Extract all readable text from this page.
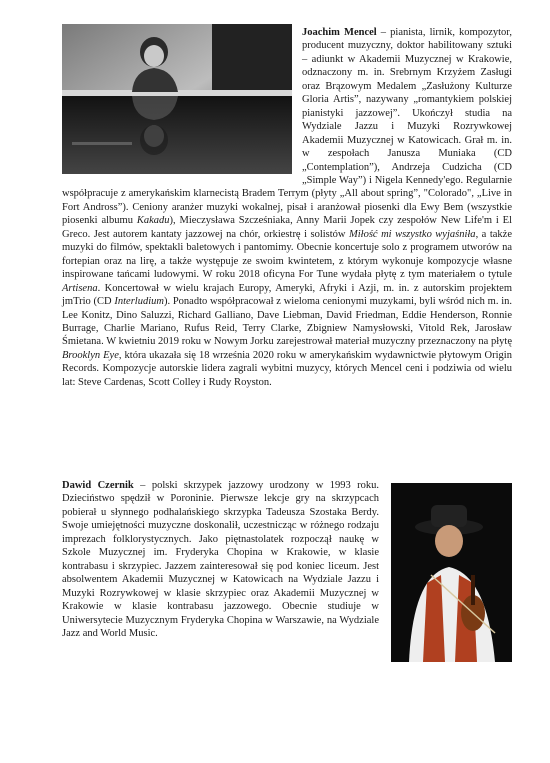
Joachim Mencel – pianista, lirnik, kompozytor, producent muzyczny, doktor habilitowany sztuki – adiunkt w Akademii Muzycznej w Krakowie, odznaczony m. in. Srebrnym Krzyżem Zasługi oraz Brązowym Medalem „Zasłużony Kulturze Gloria Artis”, nazywany „romantykiem polskiej pianistyki jazzowej”. Ukończył studia na Wydziale Jazzu i Muzyki Rozrywkowej Akademii Muzycznej w Katowicach. Grał m. in. w zespołach Janusza Muniaka (CD „Contemplation”), Andrzeja Cudzicha (CD „Simple Way”) i Nigela Kennedy'ego. Regularnie współpracuje z amerykańskim klarnecistą Bradem Terrym (płyty „All about spring”, "Colorado", „Live in Fort Andross”). Ceniony aranżer muzyki wokalnej, pisał i aranżował piosenki dla Ewy Bem (wszystkie piosenki albumu Kakadu), Mieczysława Szcześniaka, Anny Marii Jopek czy zespołów New Life'm i El Greco. Jest autorem kantaty jazzowej na chór, orkiestrę i solistów Miłość mi wszystko wyjaśniła, a także muzyki do filmów, spektakli baletowych i pantomimy. Obecnie koncertuje solo z programem utworów na fortepian oraz na lirę, a także występuje ze swoim kwintetem, z którym wykonuje kompozycje własne inspirowane tańcami ludowymi. W roku 2018 oficyna For Tune wydała płytę z tym materiałem o tytule Artisena. Koncertował w wielu krajach Europy, Ameryki, Afryki i Azji, m. in. z autorskim projektem jmTrio (CD Interludium). Ponadto współpracował z wieloma cenionymi muzykami, byli wśród nich m. in. Lee Konitz, Dino Saluzzi, Richard Galliano, Dave Liebman, David Friedman, Eddie Henderson, Ronnie Burrage, Charlie Mariano, Rufus Reid, Terry Clarke, Zbigniew Namysłowski, Vitold Rek, Jarosław Śmietana. W kwietniu 2019 roku w Nowym Jorku zarejestrował materiał muzyczny przeznaczony na płytę Brooklyn Eye, która ukazała się 18 września 2020 roku w amerykańskim wydawnictwie płytowym Origin Records. Kompozycje autorskie lidera zagrali wybitni muzycy, których Mencel ceni i podziwia od wielu lat: Steve Cardenas, Scott Colley i Rudy Royston.
Dawid Czernik – polski skrzypek jazzowy urodzony w 1993 roku. Dzieciństwo spędził w Poroninie. Pierwsze lekcje gry na skrzypcach pobierał u słynnego podhalańskiego skrzypka Tadeusza Szostaka Berdy. Swoje umiejętności muzyczne doskonalił, uczestnicząc w różnego rodzaju imprezach folklorystycznych. Jako piętnastolatek rozpoczął naukę w Szkole Muzycznej im. Fryderyka Chopina w Krakowie, w klasie kontrabasu i skrzypiec. Jazzem zainteresował się pod koniec liceum. Jest absolwentem Akademii Muzycznej w Katowicach na Wydziale Jazzu i Muzyki Rozrywkowej w klasie skrzypiec oraz Akademii Muzycznej w Krakowie w klasie kontrabasu jazzowego. Obecnie studiuje w Uniwersytecie Muzycznym Fryderyka Chopina w Warszawie, na Wydziale Jazz and World Music.
